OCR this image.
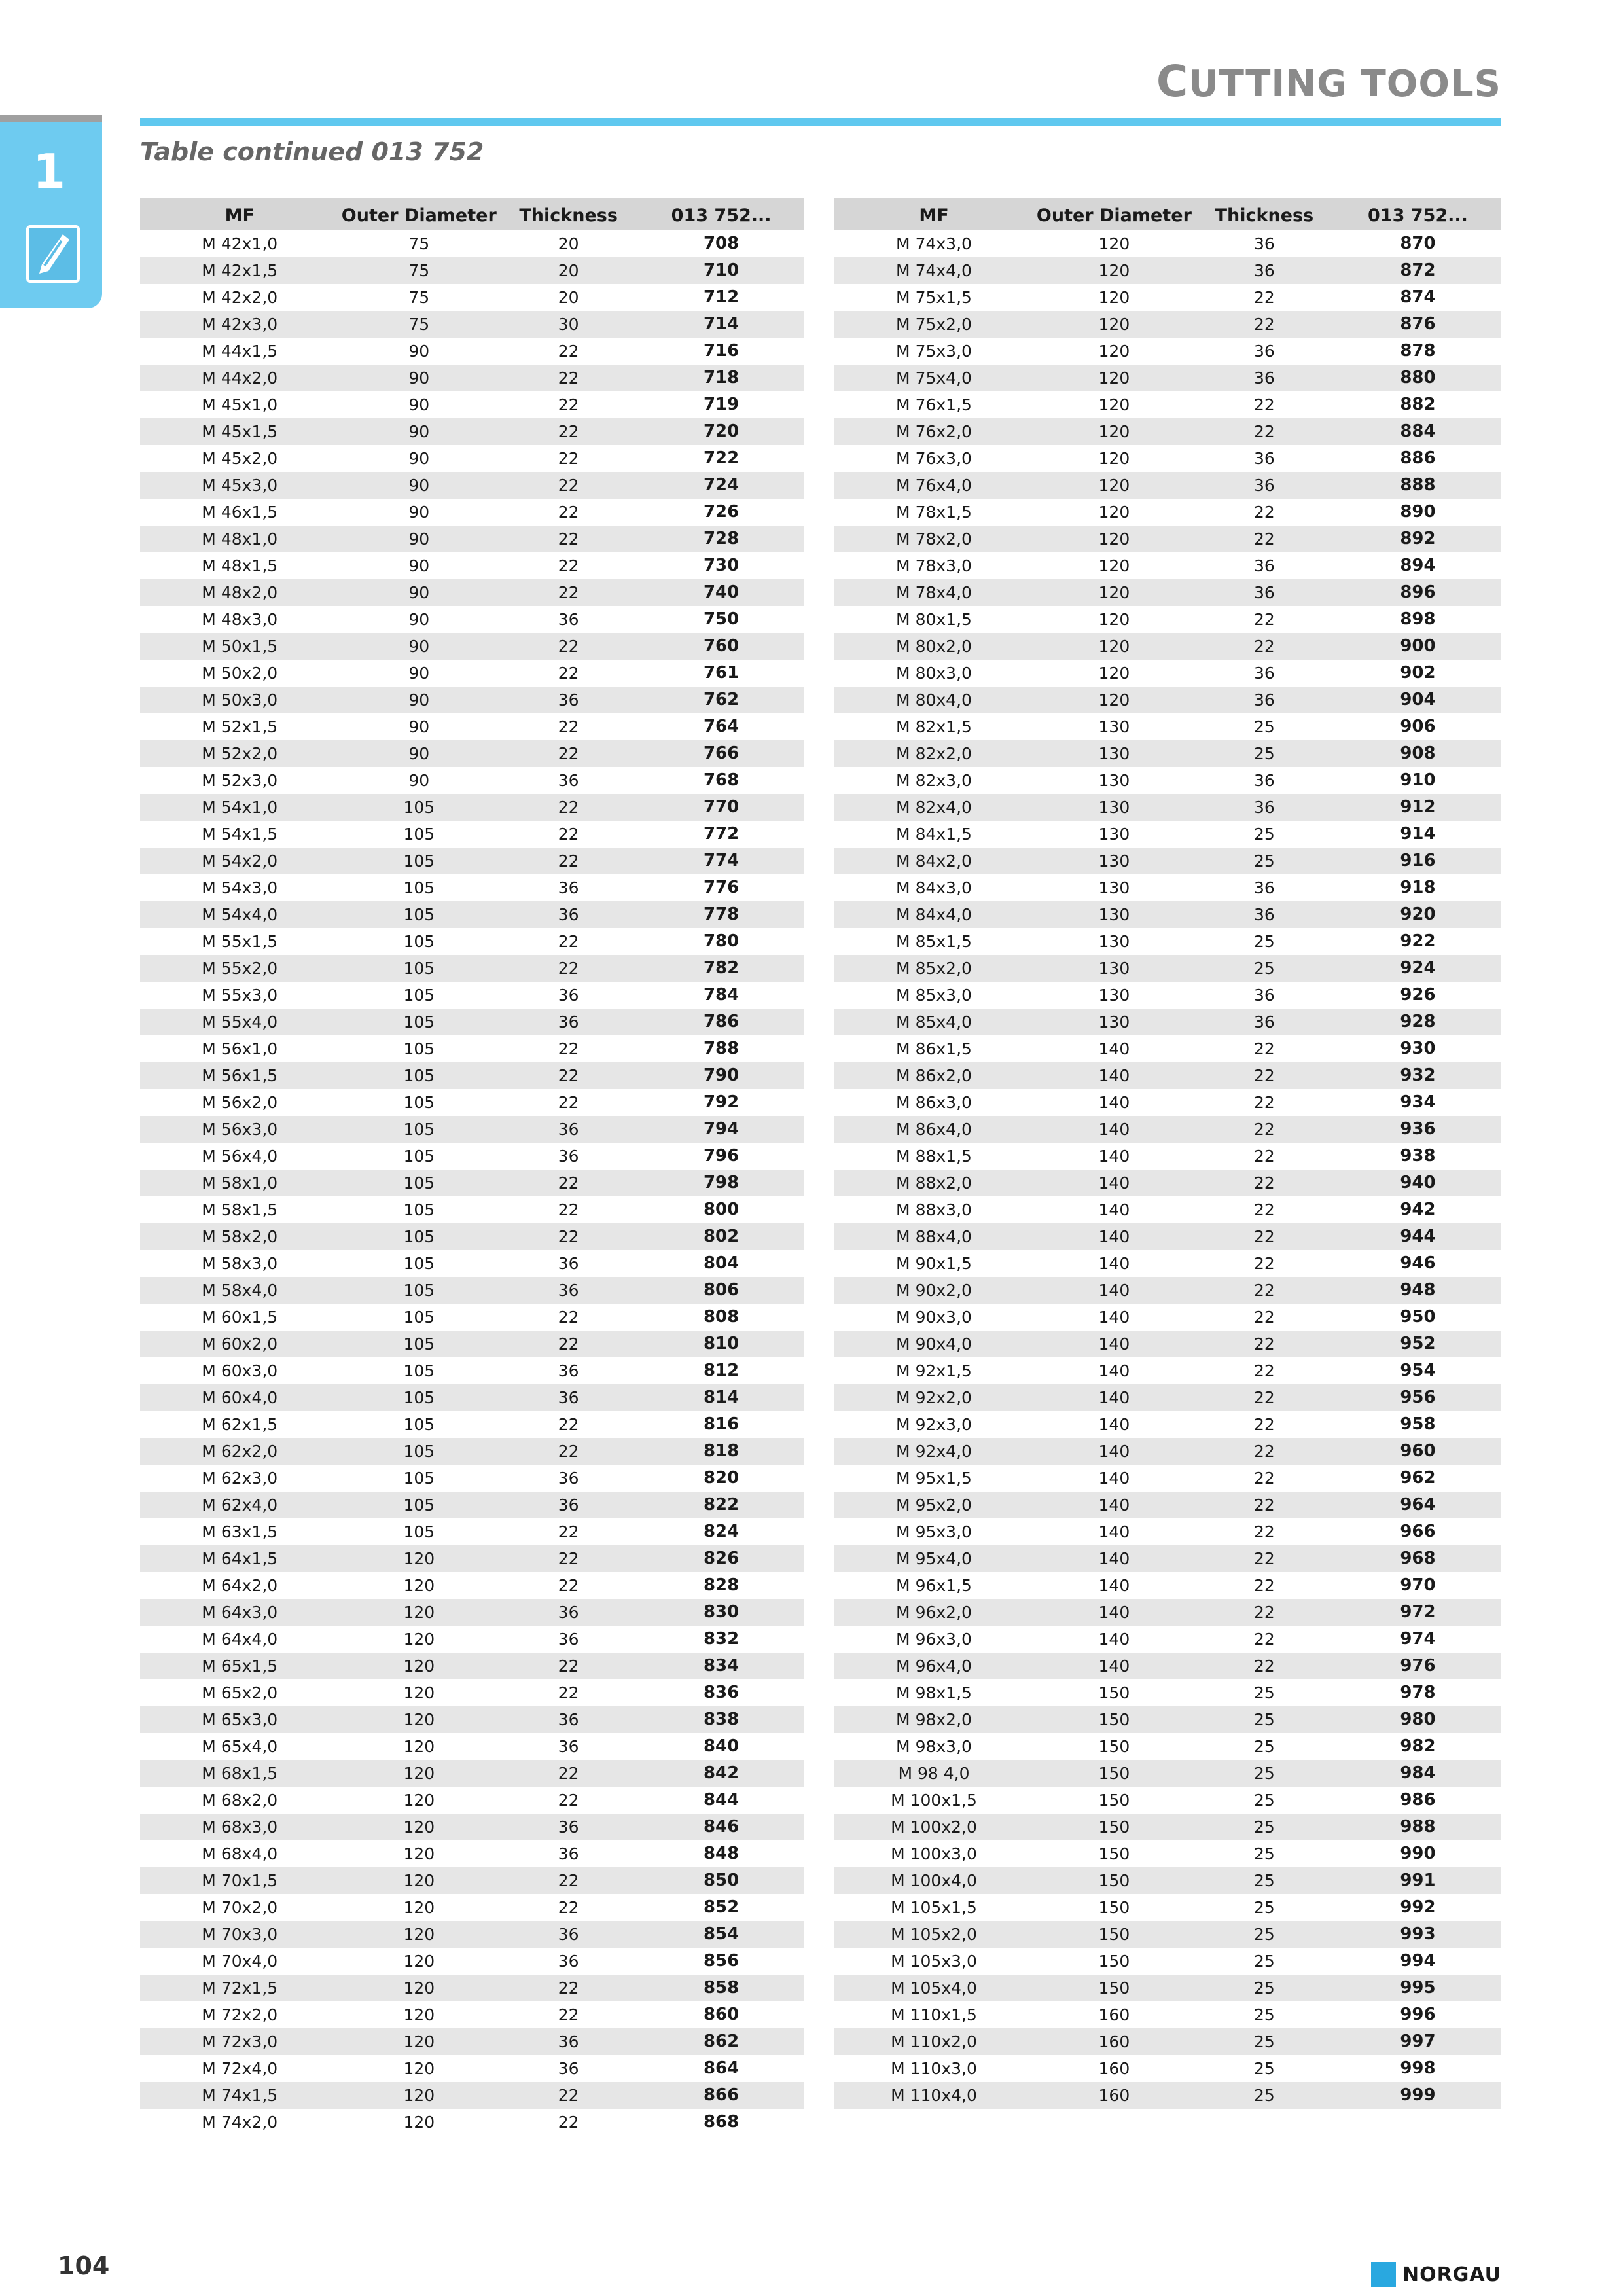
CUTTING TOOLS
1	Table continued 013 752
MF	Outer Diameter	Thickness	013 752...
M 42x1,0	75	20	708
M 42x1,5	75	20	710
M 42x2,0	75	20	712
M 42x3,0	75	30	714
M 44x1,5	90	22	716
M 44x2,0	90	22	718
M 45x1,0	90	22	719
M 45x1,5	90	22	720
M 45x2,0	90	22	722
M 45x3,0	90	22	724
M 46x1,5	90	22	726
M 48x1,0	90	22	728
M 48x1,5	90	22	730
M 48x2,0	90	22	740
M 48x3,0	90	36	750
M 50x1,5	90	22	760
M 50x2,0	90	22	761
M 50x3,0	90	36	762
M 52x1,5	90	22	764
M 52x2,0	90	22	766
M 52x3,0	90	36	768
M 54x1,0	105	22	770
M 54x1,5	105	22	772
M 54x2,0	105	22	774
M 54x3,0	105	36	776
M 54x4,0	105	36	778
M 55x1,5	105	22	780
M 55x2,0	105	22	782
M 55x3,0	105	36	784
M 55x4,0	105	36	786
M 56x1,0	105	22	788
M 56x1,5	105	22	790
M 56x2,0	105	22	792
M 56x3,0	105	36	794
M 56x4,0	105	36	796
M 58x1,0	105	22	798
M 58x1,5	105	22	800
M 58x2,0	105	22	802
M 58x3,0	105	36	804
M 58x4,0	105	36	806
M 60x1,5	105	22	808
M 60x2,0	105	22	810
M 60x3,0	105	36	812
M 60x4,0	105	36	814
M 62x1,5	105	22	816
M 62x2,0	105	22	818
M 62x3,0	105	36	820
M 62x4,0	105	36	822
M 63x1,5	105	22	824
M 64x1,5	120	22	826
M 64x2,0	120	22	828
M 64x3,0	120	36	830
M 64x4,0	120	36	832
M 65x1,5	120	22	834
M 65x2,0	120	22	836
M 65x3,0	120	36	838
M 65x4,0	120	36	840
M 68x1,5	120	22	842
M 68x2,0	120	22	844
M 68x3,0	120	36	846
M 68x4,0	120	36	848
M 70x1,5	120	22	850
M 70x2,0	120	22	852
M 70x3,0	120	36	854
M 70x4,0	120	36	856
M 72x1,5	120	22	858
M 72x2,0	120	22	860
M 72x3,0	120	36	862
M 72x4,0	120	36	864
M 74x1,5	120	22	866
M 74x2,0	120	22	868
MF	Outer Diameter	Thickness	013 752...
M 74x3,0	120	36	870
M 74x4,0	120	36	872
M 75x1,5	120	22	874
M 75x2,0	120	22	876
M 75x3,0	120	36	878
M 75x4,0	120	36	880
M 76x1,5	120	22	882
M 76x2,0	120	22	884
M 76x3,0	120	36	886
M 76x4,0	120	36	888
M 78x1,5	120	22	890
M 78x2,0	120	22	892
M 78x3,0	120	36	894
M 78x4,0	120	36	896
M 80x1,5	120	22	898
M 80x2,0	120	22	900
M 80x3,0	120	36	902
M 80x4,0	120	36	904
M 82x1,5	130	25	906
M 82x2,0	130	25	908
M 82x3,0	130	36	910
M 82x4,0	130	36	912
M 84x1,5	130	25	914
M 84x2,0	130	25	916
M 84x3,0	130	36	918
M 84x4,0	130	36	920
M 85x1,5	130	25	922
M 85x2,0	130	25	924
M 85x3,0	130	36	926
M 85x4,0	130	36	928
M 86x1,5	140	22	930
M 86x2,0	140	22	932
M 86x3,0	140	22	934
M 86x4,0	140	22	936
M 88x1,5	140	22	938
M 88x2,0	140	22	940
M 88x3,0	140	22	942
M 88x4,0	140	22	944
M 90x1,5	140	22	946
M 90x2,0	140	22	948
M 90x3,0	140	22	950
M 90x4,0	140	22	952
M 92x1,5	140	22	954
M 92x2,0	140	22	956
M 92x3,0	140	22	958
M 92x4,0	140	22	960
M 95x1,5	140	22	962
M 95x2,0	140	22	964
M 95x3,0	140	22	966
M 95x4,0	140	22	968
M 96x1,5	140	22	970
M 96x2,0	140	22	972
M 96x3,0	140	22	974
M 96x4,0	140	22	976
M 98x1,5	150	25	978
M 98x2,0	150	25	980
M 98x3,0	150	25	982
M 98 4,0	150	25	984
M 100x1,5	150	25	986
M 100x2,0	150	25	988
M 100x3,0	150	25	990
M 100x4,0	150	25	991
M 105x1,5	150	25	992
M 105x2,0	150	25	993
M 105x3,0	150	25	994
M 105x4,0	150	25	995
M 110x1,5	160	25	996
M 110x2,0	160	25	997
M 110x3,0	160	25	998
M 110x4,0	160	25	999
104	NORGAU
